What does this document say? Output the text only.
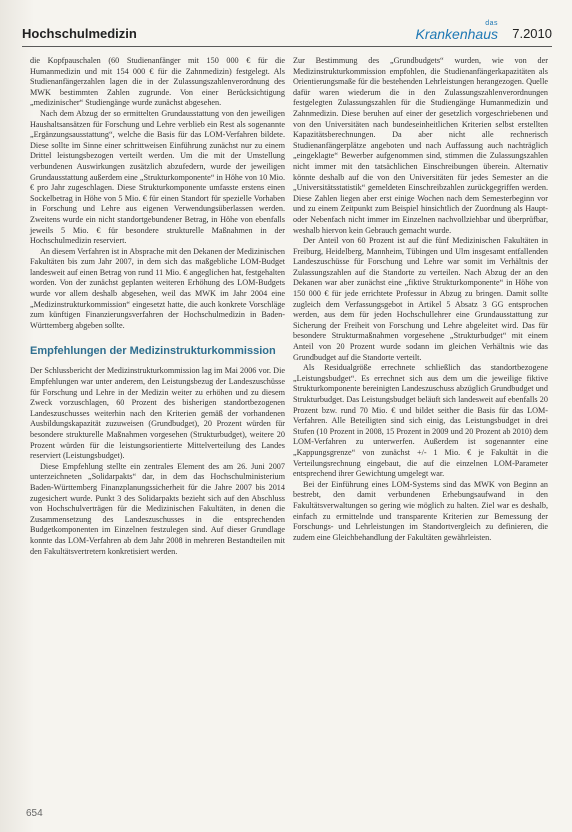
Hochschulmedizin
das
Krankenhaus 7.2010

die Kopfpauschalen (60 Studienanfänger mit 150 000 € für die Humanmedizin und mit 154 000 € für die Zahnmedizin) festgelegt. Als Studienanfängerzahlen lagen die in der Zulassungszahlenverordnung des MWK bestimmten Zahlen zugrunde. Von einer Berücksichtigung „medizinischer“ Studiengänge wurde zunächst abgesehen.

Nach dem Abzug der so ermittelten Grundausstattung von den jeweiligen Haushaltsansätzen für Forschung und Lehre verblieb ein Rest als sogenannte „Ergänzungsausstattung“, welche die Basis für das LOM-Verfahren bildete. Diese sollte im Sinne einer schrittweisen Einführung zunächst nur zu einem Drittel leistungsbezogen verteilt werden. Um die mit der Umstellung verbundenen Auswirkungen zusätzlich abzufedern, wurde der jeweiligen Grundausstattung außerdem eine „Strukturkomponente“ in Höhe von 10 Mio. € pro Jahr zugeschlagen. Diese Strukturkomponente umfasste erstens einen Sockelbetrag in Höhe von 5 Mio. € für einen Standort für spezielle Vorhaben in Forschung und Lehre aus eigenen Verwendungsüberlassen werden. Zweitens wurde ein nicht standortgebundener Betrag, in Höhe von ebenfalls jeweils 5 Mio. € für besondere strukturelle Maßnahmen in der Hochschulmedizin reserviert.

An diesem Verfahren ist in Absprache mit den Dekanen der Medizinischen Fakultäten bis zum Jahr 2007, in dem sich das maßgebliche LOM-Budget landesweit auf einen Betrag von rund 11 Mio. € angeglichen hat, festgehalten worden. Von der zunächst geplanten weiteren Erhöhung des LOM-Budgets wurde vor allem deshalb abgesehen, weil das MWK im Jahr 2004 eine „Medizinstrukturkommission“ eingesetzt hatte, die auch konkrete Vorschläge zum künftigen Finanzierungsverfahren der Hochschulmedizin in Baden-Württemberg abgeben sollte.

Empfehlungen der Medizinstrukturkommission

Der Schlussbericht der Medizinstrukturkommission lag im Mai 2006 vor. Die Empfehlungen war unter anderem, den Leistungsbezug der Landeszuschüsse für Forschung und Lehre in der Medizin weiter zu erhöhen und zu diesem Zweck vorzuschlagen, 60 Prozent des bisherigen standortbezogenen Landeszuschusses weiterhin nach den Kriterien gemäß der vorhandenen Ausbildungskapazität zuzuweisen (Grundbudget), 20 Prozent würden für besondere strukturelle Maßnahmen vorgesehen (Strukturbudget), weitere 20 Prozent würden für die leistungsorientierte Mittelverteilung des Landes reserviert (Leistungsbudget).

Diese Empfehlung stellte ein zentrales Element des am 26. Juni 2007 unterzeichneten „Solidarpakts“ dar, in dem das Hochschulministerium Baden-Württemberg Finanzplanungssicherheit für die Jahre 2007 bis 2014 zugesichert wurde. Punkt 3 des Solidarpakts bezieht sich auf den Abschluss von Hochschulverträgen für die Medizinischen Fakultäten, in denen die Zusammensetzung des Landeszuschusses in die entsprechenden Budgetkomponenten im Einzelnen festzulegen sind. Auf dieser Grundlage konnte das LOM-Verfahren ab dem Jahr 2008 in mehreren Bestandteilen mit den Fakultätsvertretern konkretisiert werden.

Zur Bestimmung des „Grundbudgets“ wurden, wie von der Medizinstrukturkommission empfohlen, die Studienanfängerkapazitäten als Orientierungsmaße für die bestehenden Lehrleistungen herangezogen. Quelle dafür waren wiederum die in den Zulassungszahlenverordnungen festgelegten Zulassungszahlen für die Studiengänge Humanmedizin und Zahnmedizin. Diese beruhen auf einer der gesetzlich vorgeschriebenen und von den Universitäten nach bundeseinheitlichen Kriterien selbst erstellten Kapazitätsberechnungen. Da aber nicht alle rechnerisch Studienanfängerplätze angeboten und nach Auffassung auch nachträglich „eingeklagte“ Bewerber aufgenommen sind, stimmen die Zulassungszahlen nicht immer mit den tatsächlichen Einschreibungen überein. Alternativ könnte deshalb auf die von den Universitäten für jedes Semester an die „Universitätsstatistik“ gemeldeten Einschreibzahlen zurückgegriffen werden. Diese Zahlen liegen aber erst einige Wochen nach dem Semesterbeginn vor und zu einem Zeitpunkt zum Beispiel hinsichtlich der Zuordnung als Haupt- oder Nebenfach nicht immer im Einzelnen nachvollziehbar und überprüfbar, weshalb hiervon kein Gebrauch gemacht wurde.

Der Anteil von 60 Prozent ist auf die fünf Medizinischen Fakultäten in Freiburg, Heidelberg, Mannheim, Tübingen und Ulm insgesamt entfallenden Landeszuschüsse für Forschung und Lehre war somit im Verhältnis der Zulassungszahlen auf die Standorte zu verteilen. Nach Abzug der an den Dekanen war aber zunächst eine „fiktive Strukturkomponente“ in Höhe von 150 000 € für jede errichtete Professur in Abzug zu bringen. Damit sollte zugleich dem Verfassungsgebot in Artikel 5 Absatz 3 GG entsprochen werden, aus dem für jeden Hochschullehrer eine Grundausstattung zur Sicherung der Freiheit von Forschung und Lehre abgeleitet wird. Das für besondere Strukturmaßnahmen vorgesehene „Strukturbudget“ mit einem Anteil von 20 Prozent wurde sodann im gleichen Verhältnis wie das Grundbudget auf die Standorte verteilt.

Als Residualgröße errechnete schließlich das standortbezogene „Leistungsbudget“. Es errechnet sich aus dem um die jeweilige fiktive Strukturkomponente bereinigten Landeszuschuss abzüglich Grundbudget und Strukturbudget. Das Leistungsbudget beläuft sich landesweit auf ebenfalls 20 Prozent bzw. rund 70 Mio. € und bildet seither die Basis für das LOM-Verfahren. Alle Beteiligten sind sich einig, das Leistungsbudget in drei Stufen (10 Prozent in 2008, 15 Prozent in 2009 und 20 Prozent ab 2010) dem LOM-Verfahren zu unterwerfen. Außerdem ist sogenannter eine „Kappungsgrenze“ von zunächst +/- 1 Mio. € je Fakultät in die Verteilungsrechnung eingebaut, die auf die einzelnen LOM-Parameter entsprechend ihrer Gewichtung umgelegt war.

Bei der Einführung eines LOM-Systems sind das MWK von Beginn an bestrebt, den damit verbundenen Erhebungsaufwand in den Fakultätsverwaltungen so gering wie möglich zu halten. Ziel war es deshalb, einfach zu ermittelnde und transparente Kriterien zur Bemessung der Forschungs- und Lehrleistungen im Standortvergleich zu definieren, die zudem eine Gleichbehandlung der Fakultäten gewährleisten.

654
